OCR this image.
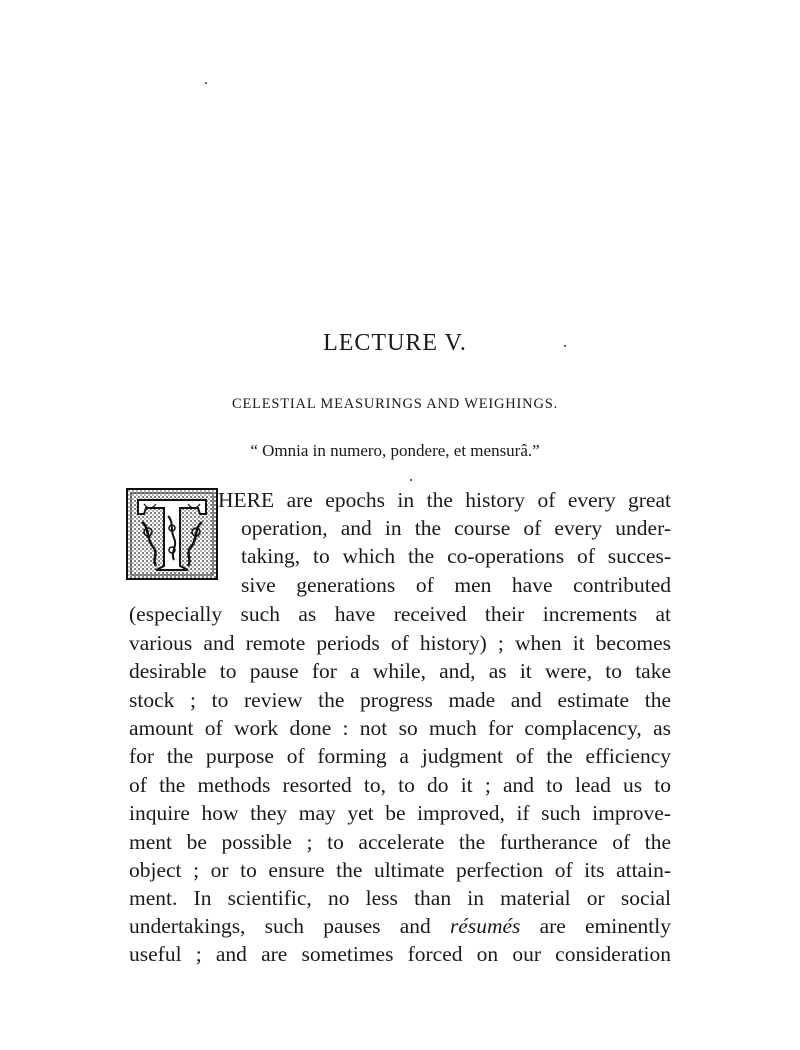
LECTURE V.
CELESTIAL MEASURINGS AND WEIGHINGS.
“ Omnia in numero, pondere, et mensurâ.”
HERE are epochs in the history of every great
operation, and in the course of every under-
taking, to which the co-operations of succes-
sive generations of men have contributed
(especially such as have received their increments at
various and remote periods of history) ; when it becomes
desirable to pause for a while, and, as it were, to take
stock ; to review the progress made and estimate the
amount of work done : not so much for complacency, as
for the purpose of forming a judgment of the efficiency
of the methods resorted to, to do it ; and to lead us to
inquire how they may yet be improved, if such improve-
ment be possible ; to accelerate the furtherance of the
object ; or to ensure the ultimate perfection of its attain-
ment. In scientific, no less than in material or social
undertakings, such pauses and résumés are eminently
useful ; and are sometimes forced on our consideration
